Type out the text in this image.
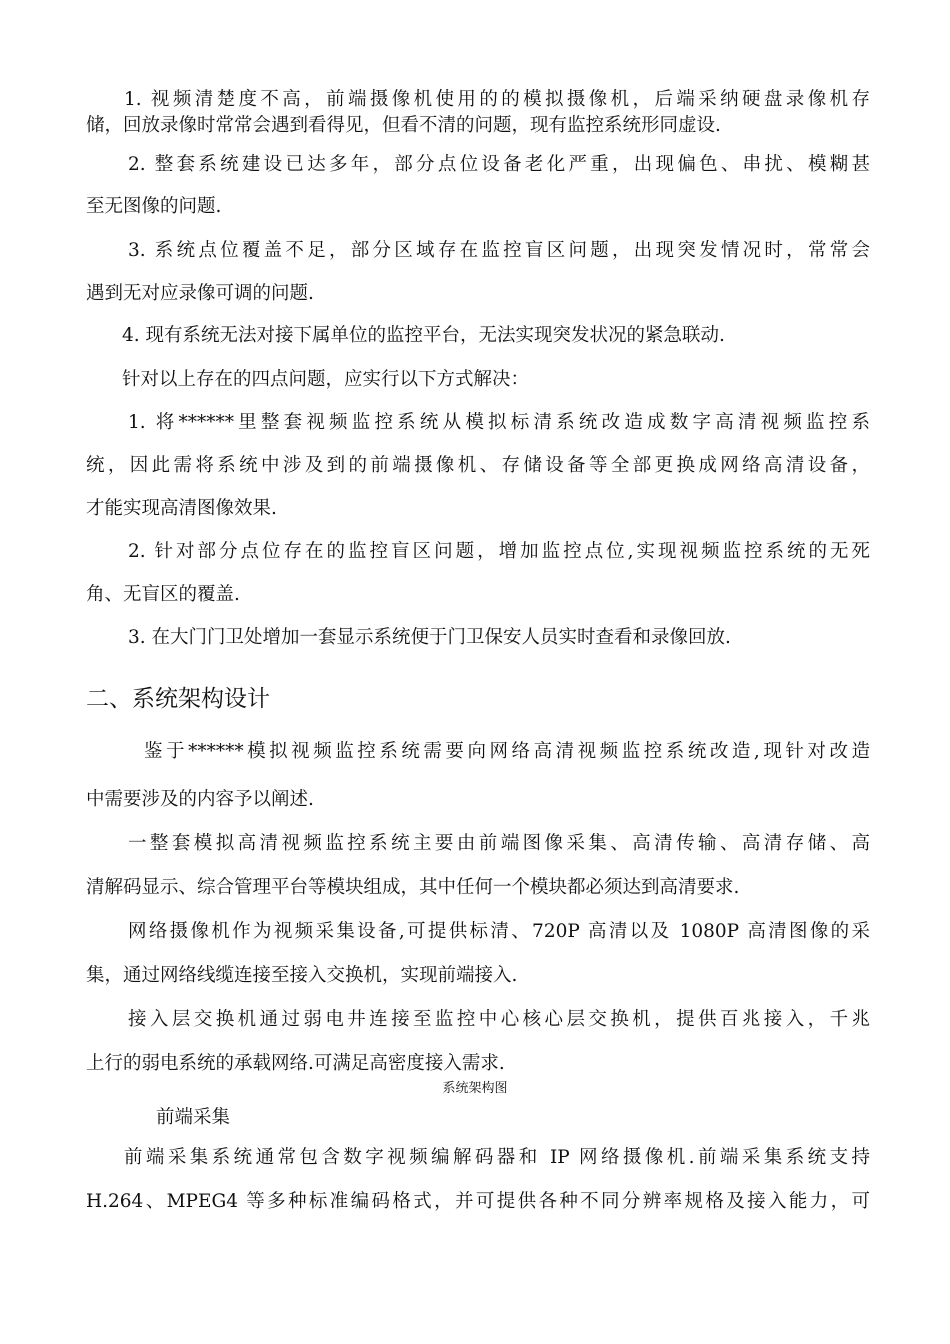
1. 视频清楚度不高，前端摄像机使用的的模拟摄像机，后端采纳硬盘录像机存
储，回放录像时常常会遇到看得见，但看不清的问题，现有监控系统形同虚设.
2. 整套系统建设已达多年，部分点位设备老化严重，出现偏色、串扰、模糊甚
至无图像的问题.
3. 系统点位覆盖不足，部分区域存在监控盲区问题，出现突发情况时，常常会
遇到无对应录像可调的问题.
4. 现有系统无法对接下属单位的监控平台，无法实现突发状况的紧急联动.
针对以上存在的四点问题，应实行以下方式解决：
1. 将******里整套视频监控系统从模拟标清系统改造成数字高清视频监控系
统，因此需将系统中涉及到的前端摄像机、存储设备等全部更换成网络高清设备，
才能实现高清图像效果.
2. 针对部分点位存在的监控盲区问题，增加监控点位,实现视频监控系统的无死
角、无盲区的覆盖.
3. 在大门门卫处增加一套显示系统便于门卫保安人员实时查看和录像回放.
鉴于******模拟视频监控系统需要向网络高清视频监控系统改造,现针对改造
中需要涉及的内容予以阐述.
一整套模拟高清视频监控系统主要由前端图像采集、高清传输、高清存储、高
清解码显示、综合管理平台等模块组成，其中任何一个模块都必须达到高清要求.
网络摄像机作为视频采集设备,可提供标清、720P 高清以及 1080P 高清图像的采
集，通过网络线缆连接至接入交换机，实现前端接入.
接入层交换机通过弱电井连接至监控中心核心层交换机，提供百兆接入，千兆
上行的弱电系统的承载网络.可满足高密度接入需求.
前端采集
前端采集系统通常包含数字视频编解码器和 IP 网络摄像机.前端采集系统支持
H.264、MPEG4 等多种标准编码格式，并可提供各种不同分辨率规格及接入能力，可
二、系统架构设计
系统架构图
